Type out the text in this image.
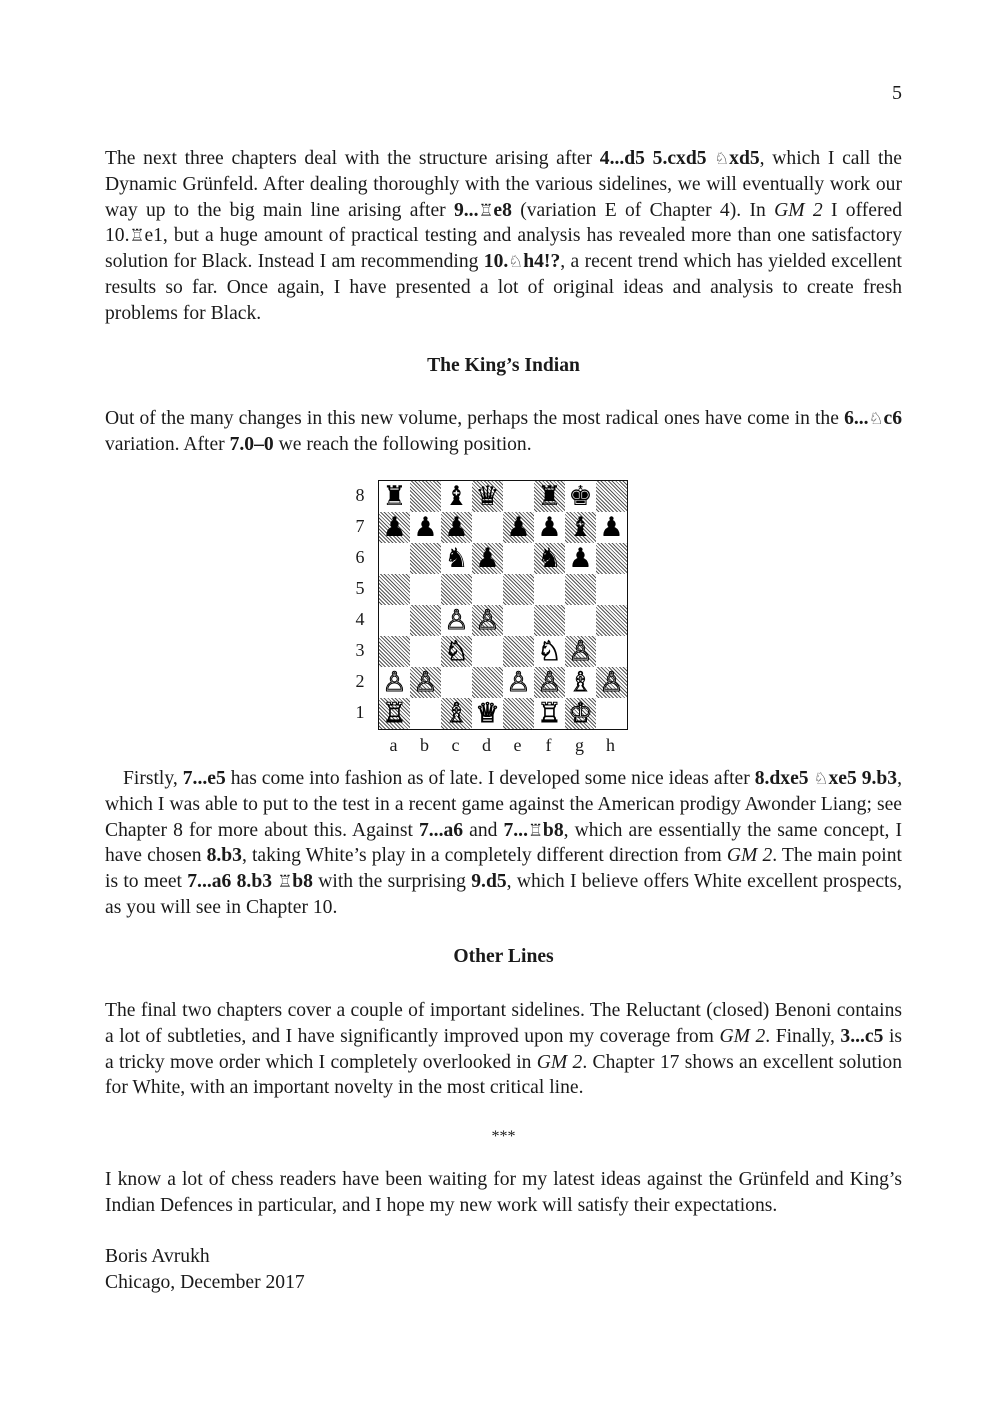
5

The next three chapters deal with the structure arising after 4...d5 5.cxd5 ♘xd5, which I call the Dynamic Grünfeld. After dealing thoroughly with the various sidelines, we will eventually work our way up to the big main line arising after 9...♖e8 (variation E of Chapter 4). In GM 2 I offered 10.♖e1, but a huge amount of practical testing and analysis has revealed more than one satisfactory solution for Black. Instead I am recommending 10.♘h4!?, a recent trend which has yielded excellent results so far. Once again, I have presented a lot of original ideas and analysis to create fresh problems for Black.

The King’s Indian

Out of the many changes in this new volume, perhaps the most radical ones have come in the 6...♘c6 variation. After 7.0–0 we reach the following position.

♜ ♝ ♛ ♜ ♚
♟ ♟ ♟ ♟ ♟ ♝ ♟
♞ ♟ ♞ ♟
♙ ♙
♘	♘ ♙
♙ ♙	♙ ♙ ♗ ♙
♖ ♗ ♕ ♖ ♔
8
7
6
5
4
3
2
1
a	b	c	d	e	f	g	h

Firstly, 7...e5 has come into fashion as of late. I developed some nice ideas after 8.dxe5 ♘xe5 9.b3, which I was able to put to the test in a recent game against the American prodigy Awonder Liang; see Chapter 8 for more about this. Against 7...a6 and 7...♖b8, which are essentially the same concept, I have chosen 8.b3, taking White’s play in a completely different direction from GM 2. The main point is to meet 7...a6 8.b3 ♖b8 with the surprising 9.d5, which I believe offers White excellent prospects, as you will see in Chapter 10.

Other Lines

The final two chapters cover a couple of important sidelines. The Reluctant (closed) Benoni contains a lot of subtleties, and I have significantly improved upon my coverage from GM 2. Finally, 3...c5 is a tricky move order which I completely overlooked in GM 2. Chapter 17 shows an excellent solution for White, with an important novelty in the most critical line.

***

I know a lot of chess readers have been waiting for my latest ideas against the Grünfeld and King’s Indian Defences in particular, and I hope my new work will satisfy their expectations.

Boris Avrukh
Chicago, December 2017
